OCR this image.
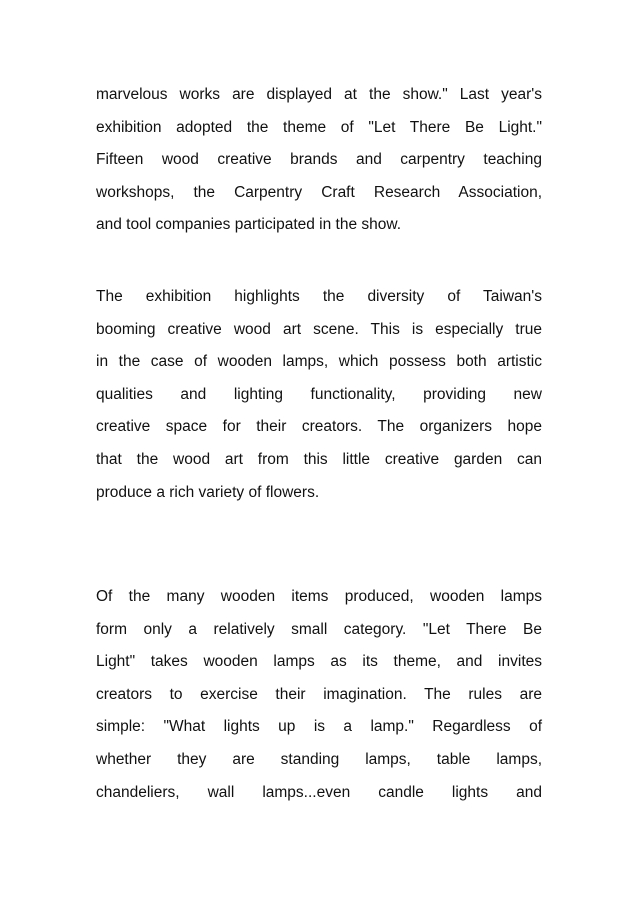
marvelous works are displayed at the show." Last year's
exhibition adopted the theme of "Let There Be Light."
Fifteen wood creative brands and carpentry teaching
workshops, the Carpentry Craft Research Association,
and tool companies participated in the show.

The exhibition highlights the diversity of Taiwan's
booming creative wood art scene. This is especially true
in the case of wooden lamps, which possess both artistic
qualities and lighting functionality, providing new
creative space for their creators. The organizers hope
that the wood art from this little creative garden can
produce a rich variety of flowers.

Of the many wooden items produced, wooden lamps
form only a relatively small category. "Let There Be
Light" takes wooden lamps as its theme, and invites
creators to exercise their imagination. The rules are
simple: "What lights up is a lamp." Regardless of
whether they are standing lamps, table lamps,
chandeliers, wall lamps...even candle lights and
